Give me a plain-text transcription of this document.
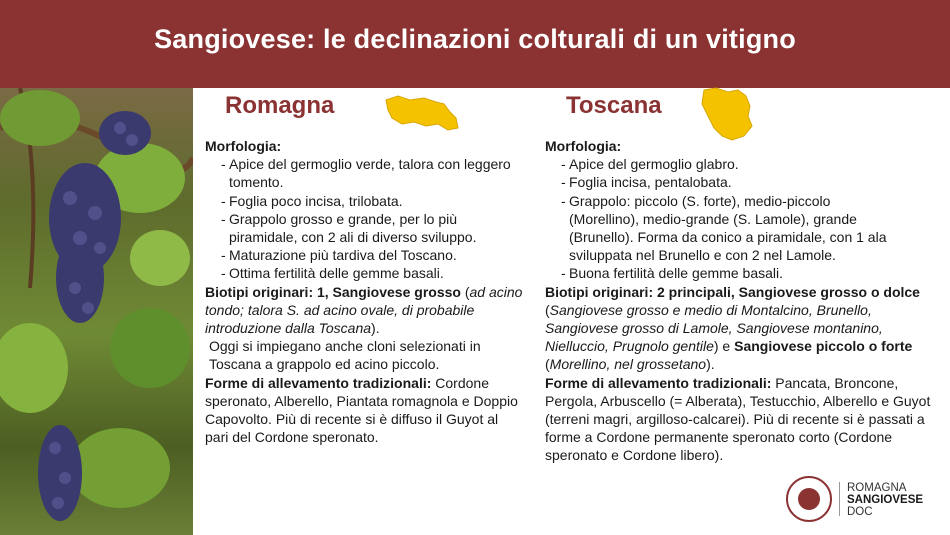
Sangiovese: le declinazioni colturali di un vitigno
Romagna	Toscana

Morfologia:

- Apice del germoglio verde, talora con leggero tomento.

- Foglia poco incisa, trilobata.

- Grappolo grosso e grande, per lo più piramidale, con 2 ali di diverso sviluppo.

- Maturazione più tardiva del Toscano.

- Ottima fertilità delle gemme basali.

Biotipi originari: 1, Sangiovese grosso (ad acino tondo; talora S. ad acino ovale, di probabile introduzione dalla Toscana).

Oggi si impiegano anche cloni selezionati in Toscana a grappolo ed acino piccolo.

Forme di allevamento tradizionali: Cordone speronato, Alberello, Piantata romagnola e Doppio Capovolto. Più di recente si è diffuso il Guyot al pari del Cordone speronato.

Morfologia:

- Apice del germoglio glabro.

- Foglia incisa, pentalobata.

- Grappolo: piccolo (S. forte), medio-piccolo (Morellino), medio-grande (S. Lamole), grande (Brunello). Forma da conico a piramidale, con 1 ala sviluppata nel Brunello e con 2 nel Lamole.

- Buona fertilità delle gemme basali.

Biotipi originari: 2 principali, Sangiovese grosso o dolce (Sangiovese grosso e medio di Montalcino, Brunello, Sangiovese grosso di Lamole, Sangiovese montanino, Nielluccio, Prugnolo gentile) e Sangiovese piccolo o forte (Morellino, nel grossetano).

Forme di allevamento tradizionali: Pancata, Broncone, Pergola, Arbuscello (= Alberata), Testucchio, Alberello e Guyot (terreni magri, argilloso-calcarei). Più di recente si è passati a forme a Cordone permanente speronato corto (Cordone speronato e Cordone libero).

ROMAGNA
SANGIOVESE
DOC
